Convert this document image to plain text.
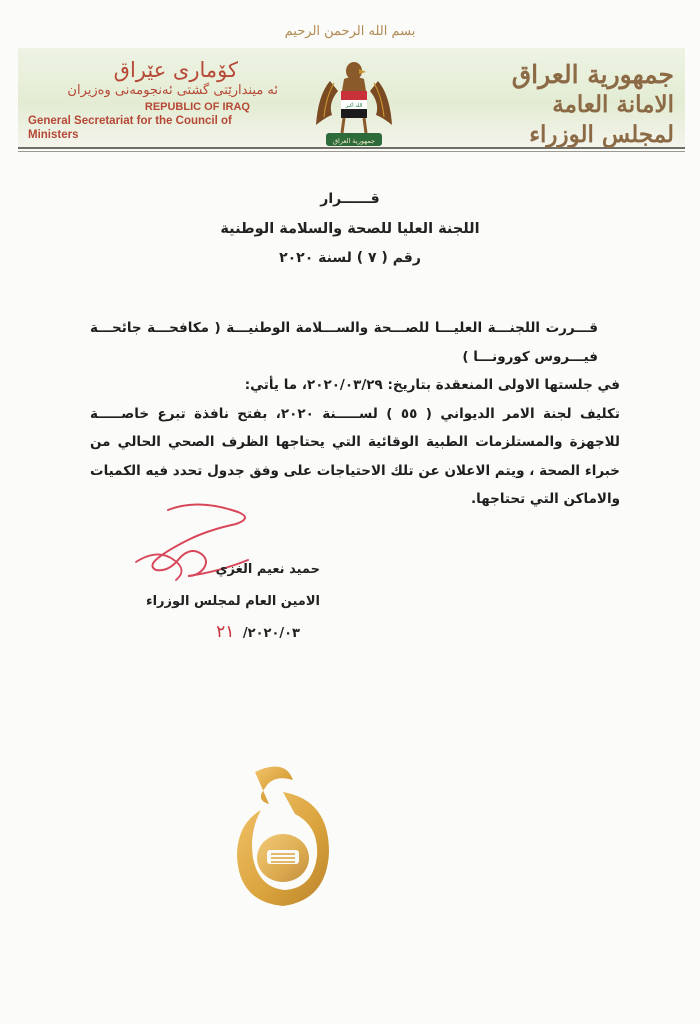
بسم الله الرحمن الرحيم
جمهورية العراق
الامانة العامة لمجلس الوزراء
کۆماری عێراق
ئه‌ میندارێتی گشتی ئه‌نجومه‌نی وه‌زیران
REPUBLIC OF IRAQ
General Secretariat for the Council of Ministers
الله أكبر
جمهورية العراق
قــــــرار
اللجنة العليا للصحة والسلامة الوطنية
رقم ( ٧ ) لسنة ٢٠٢٠

قـــررت اللجنـــة العليـــا للصـــحة والســـلامة الوطنيـــة ( مكافحـــة جائحـــة فيـــروس كورونـــا )

في جلستها الاولى المنعقدة بتاريخ: ٢٠٢٠/٠٣/٢٩، ما يأتي:

تكليف لجنة الامر الديواني ( ٥٥ ) لســـــنة ٢٠٢٠، بفتح نافذة تبرع خاصـــــة للاجهزة والمستلزمات الطبية الوقائية التي يحتاجها الظرف الصحي الحالي من خبراء الصحة ، ويتم الاعلان عن تلك الاحتياجات على وفق جدول تحدد فيه الكميات والاماكن التي تحتاجها.

حميد نعيم الغزي
الامين العام لمجلس الوزراء
٢٠٢٠/٠٣/ ٢١
